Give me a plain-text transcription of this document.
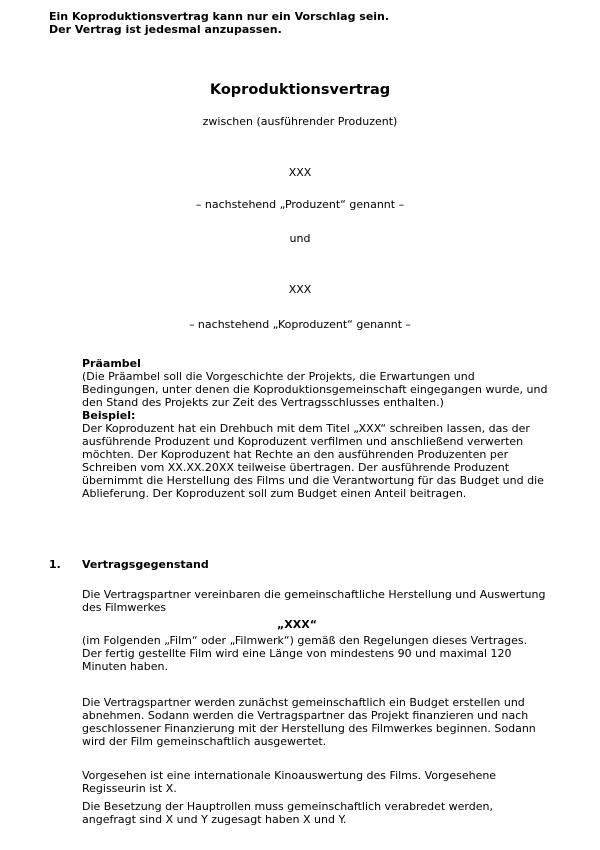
Ein Koproduktionsvertrag kann nur ein Vorschlag sein.
Der Vertrag ist jedesmal anzupassen.
Koproduktionsvertrag
zwischen (ausführender Produzent)
XXX
– nachstehend „Produzent“ genannt –
und
XXX
– nachstehend „Koproduzent“ genannt –
Präambel
(Die Präambel soll die Vorgeschichte der Projekts, die Erwartungen und
Bedingungen, unter denen die Koproduktionsgemeinschaft eingegangen wurde, und
den Stand des Projekts zur Zeit des Vertragsschlusses enthalten.)
Beispiel:
Der Koproduzent hat ein Drehbuch mit dem Titel „XXX“ schreiben lassen, das der
ausführende Produzent und Koproduzent verfilmen und anschließend verwerten
möchten. Der Koproduzent hat Rechte an den ausführenden Produzenten per
Schreiben vom XX.XX.20XX teilweise übertragen. Der ausführende Produzent
übernimmt die Herstellung des Films und die Verantwortung für das Budget und die
Ablieferung. Der Koproduzent soll zum Budget einen Anteil beitragen.
1. Vertragsgegenstand
Die Vertragspartner vereinbaren die gemeinschaftliche Herstellung und Auswertung
des Filmwerkes
„XXX“
(im Folgenden „Film“ oder „Filmwerk“) gemäß den Regelungen dieses Vertrages.
Der fertig gestellte Film wird eine Länge von mindestens 90 und maximal 120
Minuten haben.
Die Vertragspartner werden zunächst gemeinschaftlich ein Budget erstellen und
abnehmen. Sodann werden die Vertragspartner das Projekt finanzieren und nach
geschlossener Finanzierung mit der Herstellung des Filmwerkes beginnen. Sodann
wird der Film gemeinschaftlich ausgewertet.
Vorgesehen ist eine internationale Kinoauswertung des Films. Vorgesehene
Regisseurin ist X.
Die Besetzung der Hauptrollen muss gemeinschaftlich verabredet werden,
angefragt sind X und Y zugesagt haben X und Y.
